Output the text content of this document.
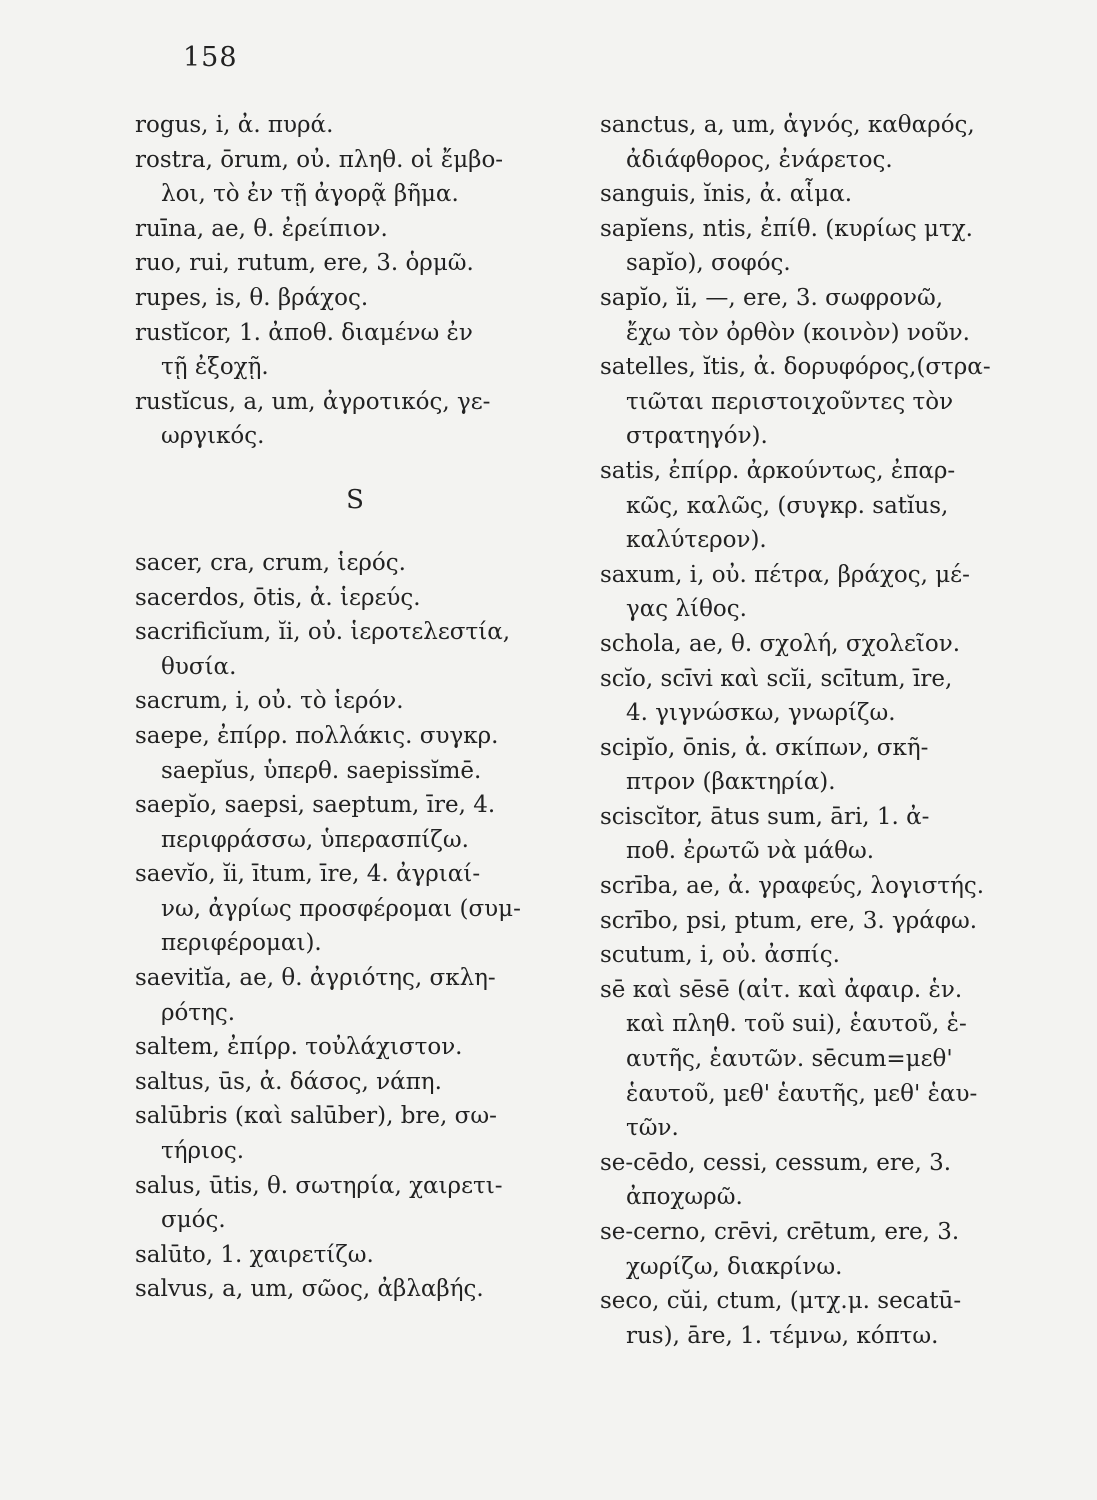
158
rogus, i, ἀ. πυρά.
rostra, ōrum, οὐ. πληθ. οἱ ἔμβο-
λοι, τὸ ἐν τῇ ἀγορᾷ βῆμα.
ruīna, ae, θ. ἐρείπιον.
ruo, rui, rutum, ere, 3. ὁρμῶ.
rupes, is, θ. βράχος.
rustĭcor, 1. ἀποθ. διαμένω ἐν
τῇ ἐξοχῇ.
rustĭcus, a, um, ἀγροτικός, γε-
ωργικός.
S
sacer, cra, crum, ἱερός.
sacerdos, ōtis, ἀ. ἱερεύς.
sacrificĭum, ĭi, οὐ. ἱεροτελεστία,
θυσία.
sacrum, i, οὐ. τὸ ἱερόν.
saepe, ἐπίρρ. πολλάκις. συγκρ.
saepĭus, ὑπερθ. saepissĭmē.
saepĭo, saepsi, saeptum, īre, 4.
περιφράσσω, ὑπερασπίζω.
saevĭo, ĭi, ītum, īre, 4. ἀγριαί-
νω, ἀγρίως προσφέρομαι (συμ-
περιφέρομαι).
saevitĭa, ae, θ. ἀγριότης, σκλη-
ρότης.
saltem, ἐπίρρ. τοὐλάχιστον.
saltus, ūs, ἀ. δάσος, νάπη.
salūbris (καὶ salūber), bre, σω-
τήριος.
salus, ūtis, θ. σωτηρία, χαιρετι-
σμός.
salūto, 1. χαιρετίζω.
salvus, a, um, σῶος, ἀβλαβής.
sanctus, a, um, ἁγνός, καθαρός,
ἀδιάφθορος, ἐνάρετος.
sanguis, ĭnis, ἀ. αἷμα.
sapĭens, ntis, ἐπίθ. (κυρίως μτχ.
sapĭo), σοφός.
sapĭo, ĭi, —, ere, 3. σωφρονῶ,
ἔχω τὸν ὀρθὸν (κοινὸν) νοῦν.
satelles, ĭtis, ἀ. δορυφόρος,(στρα-
τιῶται περιστοιχοῦντες τὸν
στρατηγόν).
satis, ἐπίρρ. ἀρκούντως, ἐπαρ-
κῶς, καλῶς, (συγκρ. satĭus,
καλύτερον).
saxum, i, οὐ. πέτρα, βράχος, μέ-
γας λίθος.
schola, ae, θ. σχολή, σχολεῖον.
scĭo, scīvi καὶ scĭi, scītum, īre,
4. γιγνώσκω, γνωρίζω.
scipĭo, ōnis, ἀ. σκίπων, σκῆ-
πτρον (βακτηρία).
sciscĭtor, ātus sum, āri, 1. ἀ-
ποθ. ἐρωτῶ νὰ μάθω.
scrība, ae, ἀ. γραφεύς, λογιστής.
scrībo, psi, ptum, ere, 3. γράφω.
scutum, i, οὐ. ἀσπίς.
sē καὶ sēsē (αἰτ. καὶ ἀφαιρ. ἑν.
καὶ πληθ. τοῦ sui), ἑαυτοῦ, ἑ-
αυτῆς, ἑαυτῶν. sēcum=μεθ'
ἑαυτοῦ, μεθ' ἑαυτῆς, μεθ' ἑαυ-
τῶν.
se-cēdo, cessi, cessum, ere, 3.
ἀποχωρῶ.
se-cerno, crēvi, crētum, ere, 3.
χωρίζω, διακρίνω.
seco, cŭi, ctum, (μτχ.μ. secatū-
rus), āre, 1. τέμνω, κόπτω.
